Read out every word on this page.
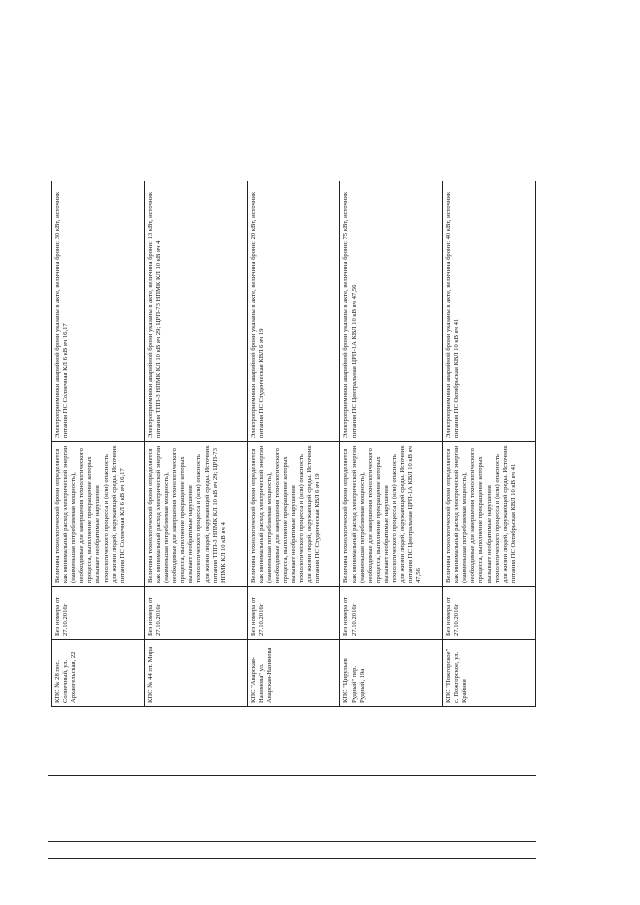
КПС № 28 пос. Солнечный, ул. Архангельская, 22	Без номера от 27.10.2016г	Величина технологической брони определяется как минимальный расход электрической энергии (наименьшая потребляемая мощность), необходимые для завершения технологического процесса, выполнение прекращение которых вызывает необратимые нарушения технологического процесса и (или) опасность для жизни людей, окружающей среды. Источник питания ПС Солнечная КЛ 6 кВ яч 16,17	Электроприемники аварийной брони указаны в акте, величина брони: 30 кВт, источник питания ПС Солнечная КЛ 6 кВ яч 16,17
КПС № 44 пт. Мира	Без номера от 27.10.2016г	Величина технологической брони определяется как минимальный расход электрической энергии (наименьшая потребляемая мощность), необходимые для завершения технологического процесса, выполнение прекращение которых вызывает необратимые нарушения технологического процесса и (или) опасность для жизни людей, окружающей среды. Источник питания ТПП-3 НПМК КЛ 10 кВ яч 29; ЦРП-73 НПМК КЛ 10 кВ яч 4	Электроприемники аварийной брони указаны в акте, величина брони: 13 кВт, источник питания ТПП-3 НПМК КЛ 10 кВ яч 29; ЦРП-73 НПМК КЛ 10 кВ яч 4
КПС "Аварская-Назимова" ул. Аварская-Назимова	Без номера от 27.10.2016г	Величина технологической брони определяется как минимальный расход электрической энергии (наименьшая потребляемая мощность), необходимые для завершения технологического процесса, выполнение прекращение которых вызывает необратимые нарушения технологического процесса и (или) опасность для жизни людей, окружающей среды. Источник питания ПС Студенческая КВЛ 6 яч 19	Электроприемники аварийной брони указаны в акте, величина брони: 20 кВт, источник питания ПС Студенческая КВЛ 6 яч 19
КПС "Цирульев Рудный" пер. Рудный, 19а	Без номера от 27.10.2016г	Величина технологической брони определяется как минимальный расход электрической энергии (наименьшая потребляемая мощность), необходимые для завершения технологического процесса, выполнение прекращение которых вызывает необратимые нарушения технологического процесса и (или) опасность для жизни людей, окружающей среды. Источник питания ПС Центральная ЦРП-1А КВЛ 10 кВ яч 47,56	Электроприемники аварийной брони указаны в акте, величина брони: 75 кВт, источник питания ПС Центральная ЦРП-1А КВЛ 10 кВ яч 47,56
КПС "Пожгорское" с. Пожгорское, ул. Крайняя	Без номера от 27.10.2016г	Величина технологической брони определяется как минимальный расход электрической энергии (наименьшая потребляемая мощность), необходимые для завершения технологического процесса, выполнение прекращение которых вызывает необратимые нарушения технологического процесса и (или) опасность для жизни людей, окружающей среды. Источник питания ПС Октябрьская КВЛ 10 кВ яч 41	Электроприемники аварийной брони указаны в акте, величина брони: 40 кВт, источник питания ПС Октябрьская КВЛ 10 кВ яч 41
